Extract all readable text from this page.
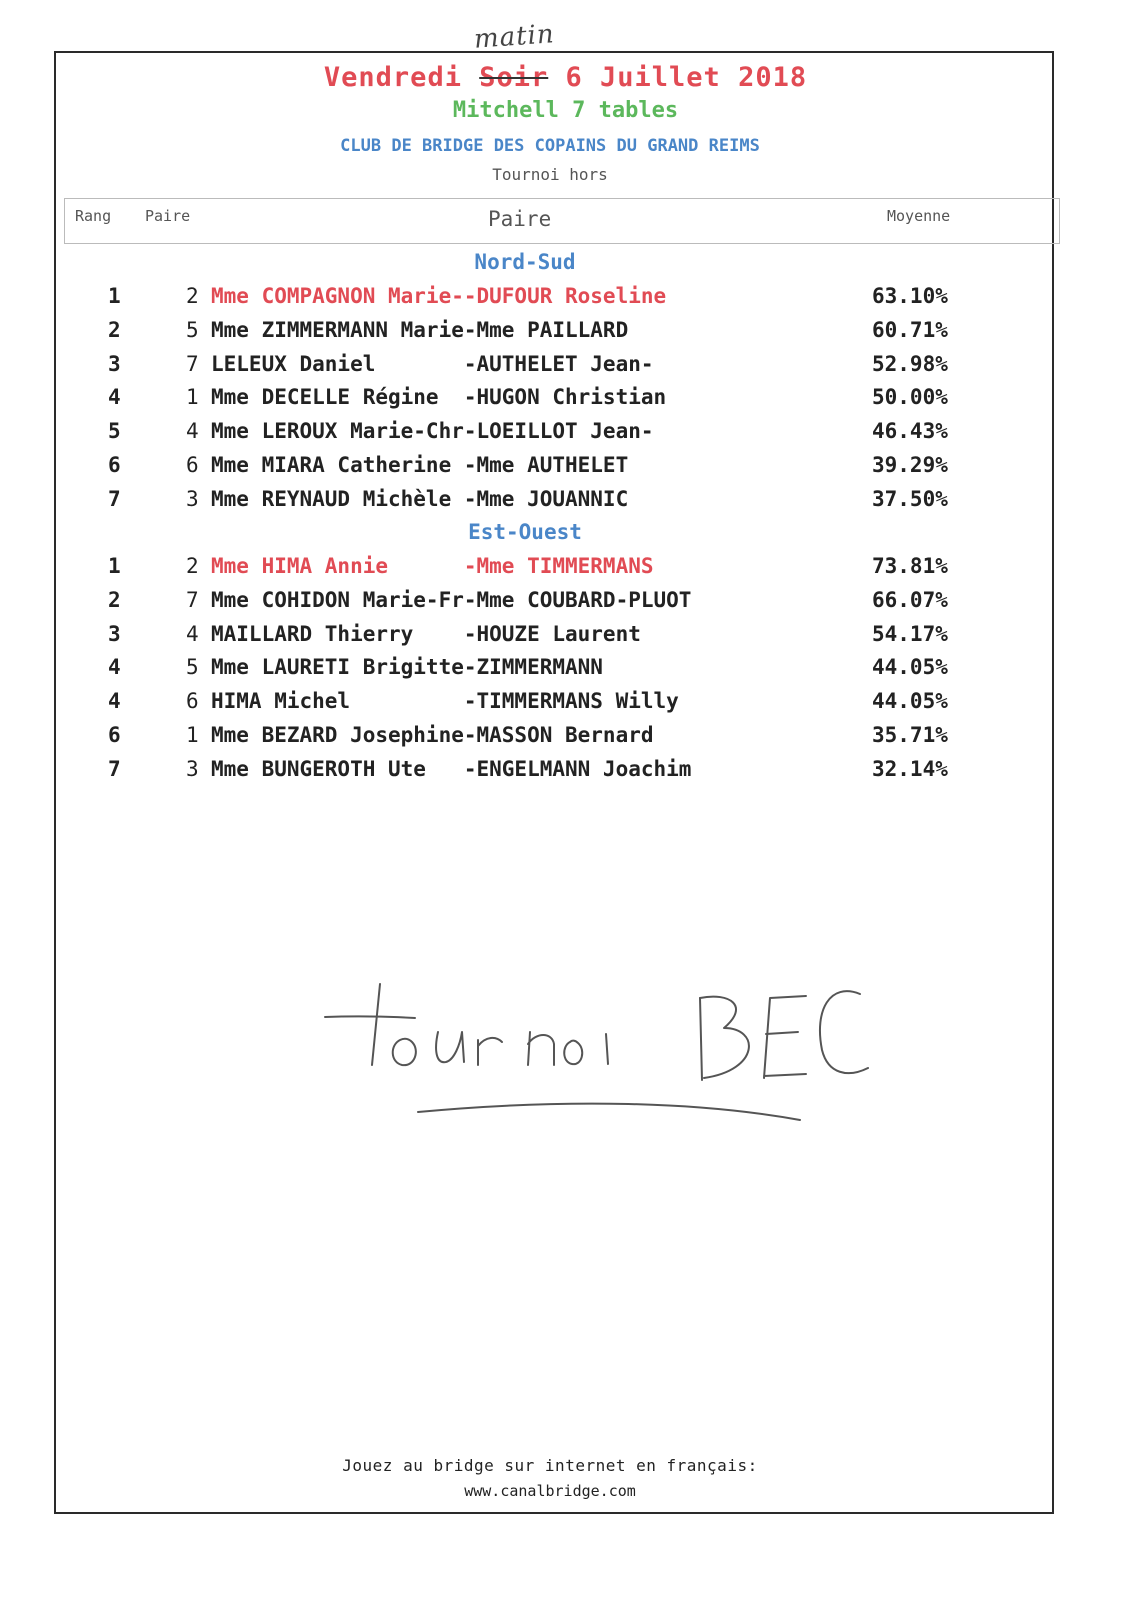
matin
Vendredi Soir 6 Juillet 2018
Mitchell 7 tables
CLUB DE BRIDGE DES COPAINS DU GRAND REIMS
Tournoi hors
Rang Paire	Paire	Moyenne
Nord-Sud
1	2 Mme COMPAGNON Marie--DUFOUR Roseline	63.10%
2	5 Mme ZIMMERMANN Marie-Mme PAILLARD	60.71%
3	7 LELEUX Daniel       -AUTHELET Jean-	52.98%
4	1 Mme DECELLE Régine  -HUGON Christian	50.00%
5	4 Mme LEROUX Marie-Chr-LOEILLOT Jean-	46.43%
6	6 Mme MIARA Catherine -Mme AUTHELET	39.29%
7	3 Mme REYNAUD Michèle -Mme JOUANNIC	37.50%
Est-Ouest
1	2 Mme HIMA Annie      -Mme TIMMERMANS	73.81%
2	7 Mme COHIDON Marie-Fr-Mme COUBARD-PLUOT	66.07%
3	4 MAILLARD Thierry    -HOUZE Laurent	54.17%
4	5 Mme LAURETI Brigitte-ZIMMERMANN	44.05%
4	6 HIMA Michel         -TIMMERMANS Willy	44.05%
6	1 Mme BEZARD Josephine-MASSON Bernard	35.71%
7	3 Mme BUNGEROTH Ute   -ENGELMANN Joachim	32.14%
Jouez au bridge sur internet en français:
www.canalbridge.com
